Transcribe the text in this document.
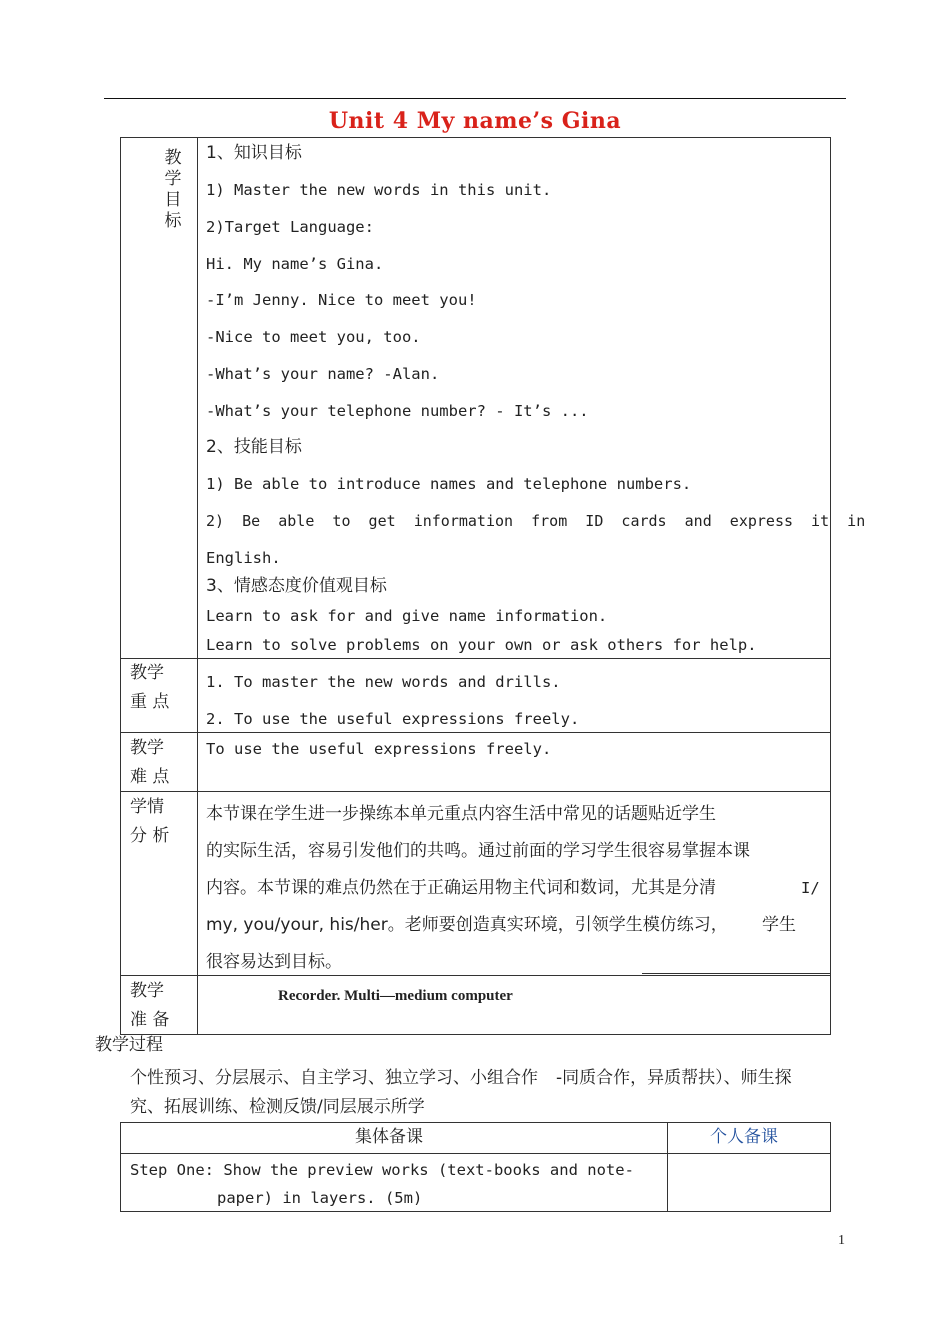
Unit 4 My name’s Gina
教学目标
1、知识目标
1) Master the new words in this unit.
2)Target Language:
Hi. My name’s Gina.
-I’m Jenny. Nice to meet you!
-Nice to meet you, too.
-What’s your name? -Alan.
-What’s your telephone number? - It’s ...
2、技能目标
1) Be able to introduce names and telephone numbers.
2)  Be  able  to  get  information  from  ID  cards  and  express  it  in
English.
3、情感态度价值观目标
Learn to ask for and give name information.
Learn to solve problems on your own or ask others for help.
教学
重 点
1. To master the new words and drills.
2. To use the useful expressions freely.
教学
难 点
To use the useful expressions freely.
学情
分 析
本节课在学生进一步操练本单元重点内容生活中常见的话题贴近学生
的实际生活，容易引发他们的共鸣。通过前面的学习学生很容易掌握本课
内容。本节课的难点仍然在于正确运用物主代词和数词，尤其是分清	I/
my, you/your, his/her。老师要创造真实环境，引领学生模仿练习， 学生
很容易达到目标。
教学
准 备
Recorder. Multi—medium computer
教学过程
个性预习、分层展示、自主学习、独立学习、小组合作 -同质合作，异质帮扶）、师生探
究、拓展训练、检测反馈/同层展示所学
集体备课	个人备课
Step One: Show the preview works (text-books and note-
paper) in layers. (5m)
1
